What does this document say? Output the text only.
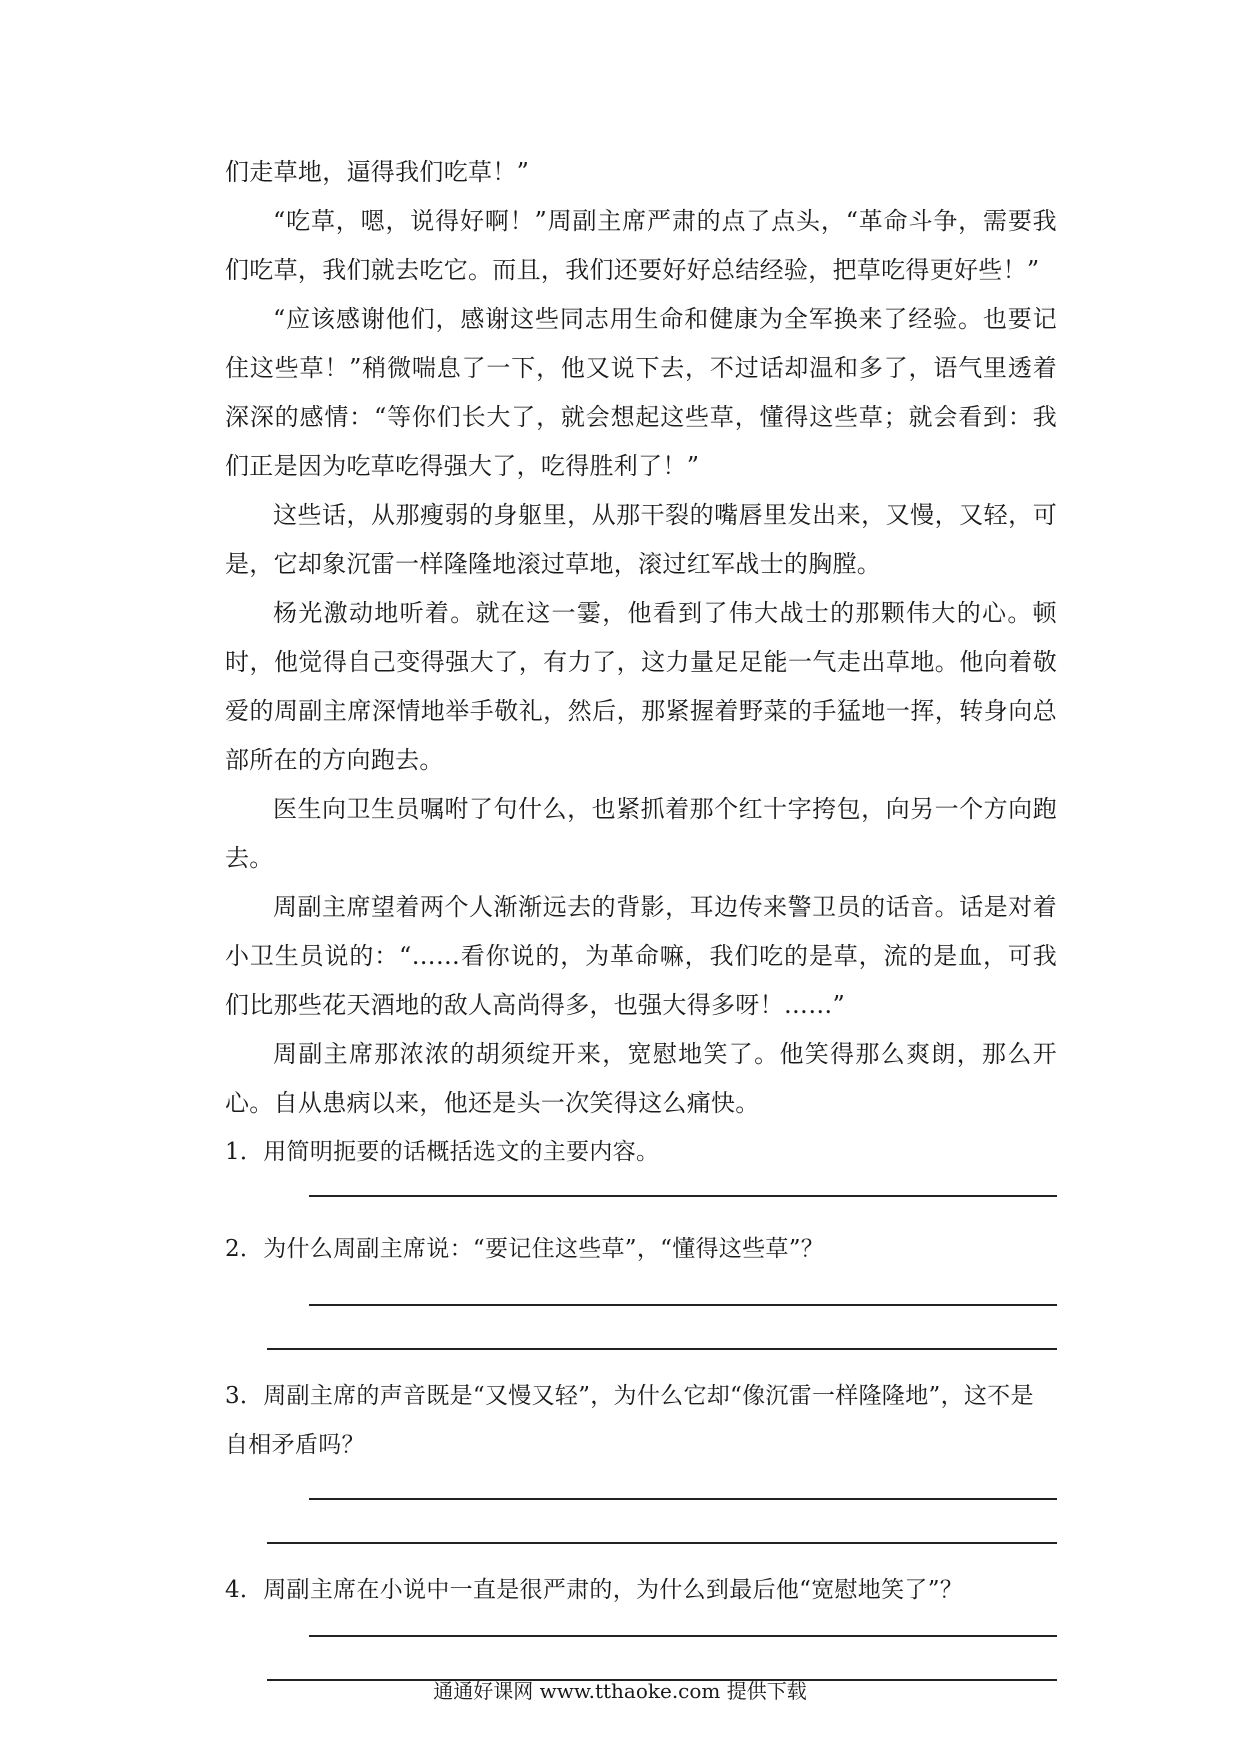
们走草地，逼得我们吃草！”

“吃草，嗯，说得好啊！”周副主席严肃的点了点头，“革命斗争，需要我们吃草，我们就去吃它。而且，我们还要好好总结经验，把草吃得更好些！”

“应该感谢他们，感谢这些同志用生命和健康为全军换来了经验。也要记住这些草！”稍微喘息了一下，他又说下去，不过话却温和多了，语气里透着深深的感情：“等你们长大了，就会想起这些草，懂得这些草；就会看到：我们正是因为吃草吃得强大了，吃得胜利了！”

这些话，从那瘦弱的身躯里，从那干裂的嘴唇里发出来，又慢，又轻，可是，它却象沉雷一样隆隆地滚过草地，滚过红军战士的胸膛。

杨光激动地听着。就在这一霎，他看到了伟大战士的那颗伟大的心。顿时，他觉得自己变得强大了，有力了，这力量足足能一气走出草地。他向着敬爱的周副主席深情地举手敬礼，然后，那紧握着野菜的手猛地一挥，转身向总部所在的方向跑去。

医生向卫生员嘱咐了句什么，也紧抓着那个红十字挎包，向另一个方向跑去。

周副主席望着两个人渐渐远去的背影，耳边传来警卫员的话音。话是对着小卫生员说的：“……看你说的，为革命嘛，我们吃的是草，流的是血，可我们比那些花天酒地的敌人高尚得多，也强大得多呀！……”

周副主席那浓浓的胡须绽开来，宽慰地笑了。他笑得那么爽朗，那么开心。自从患病以来，他还是头一次笑得这么痛快。

1．用简明扼要的话概括选文的主要内容。

2．为什么周副主席说：“要记住这些草”，“懂得这些草”？

3．周副主席的声音既是“又慢又轻”，为什么它却“像沉雷一样隆隆地”，这不是自相矛盾吗？

4．周副主席在小说中一直是很严肃的，为什么到最后他“宽慰地笑了”？

通通好课网 www.tthaoke.com 提供下载
